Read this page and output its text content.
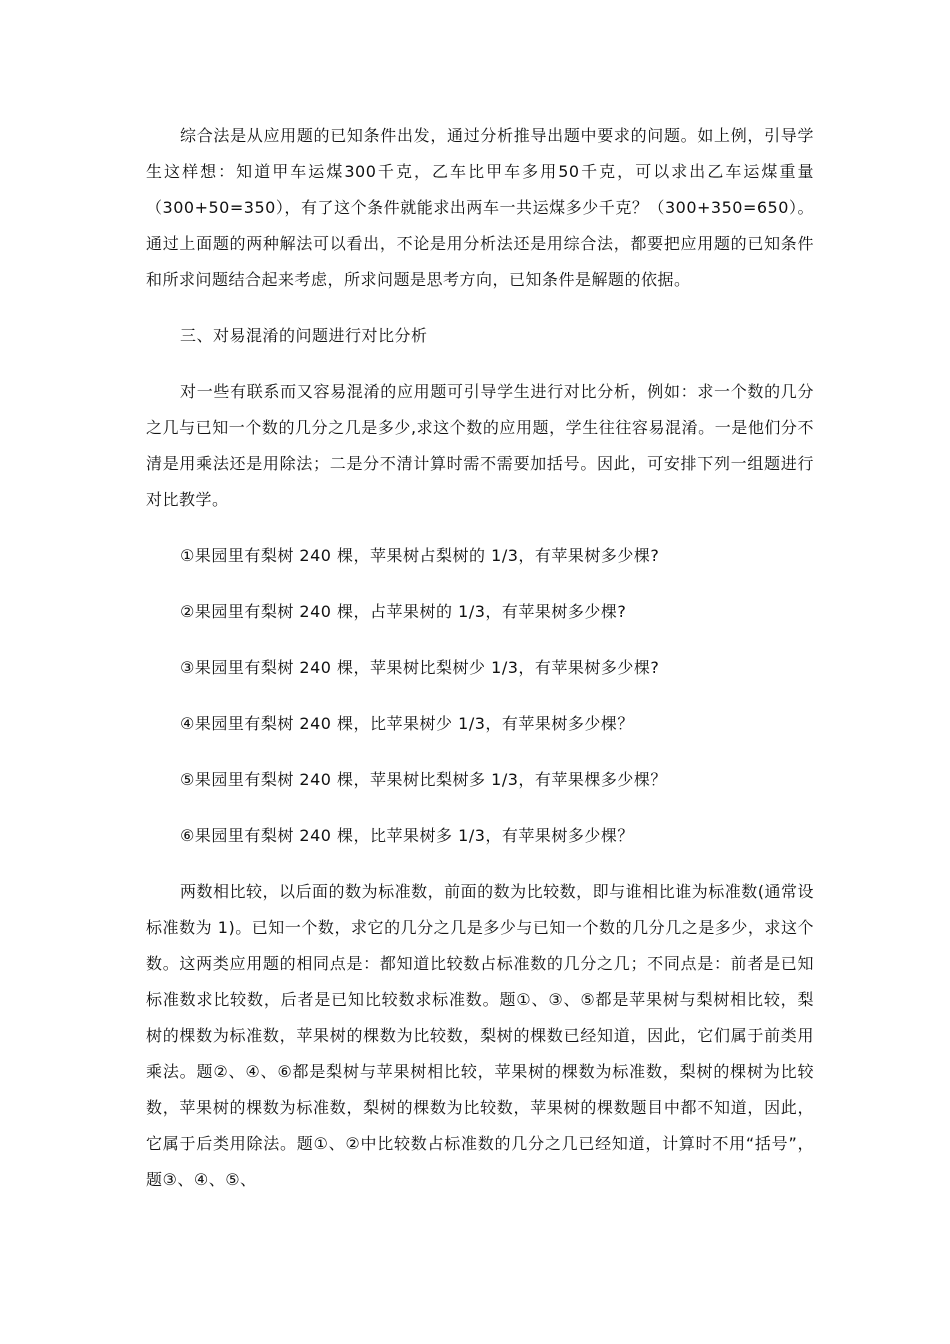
综合法是从应用题的已知条件出发，通过分析推导出题中要求的问题。如上例，引导学生这样想：知道甲车运煤300千克，乙车比甲车多用50千克，可以求出乙车运煤重量（300+50=350），有了这个条件就能求出两车一共运煤多少千克？（300+350=650）。通过上面题的两种解法可以看出，不论是用分析法还是用综合法，都要把应用题的已知条件和所求问题结合起来考虑，所求问题是思考方向，已知条件是解题的依据。

三、对易混淆的问题进行对比分析

对一些有联系而又容易混淆的应用题可引导学生进行对比分析，例如：求一个数的几分之几与已知一个数的几分之几是多少,求这个数的应用题，学生往往容易混淆。一是他们分不清是用乘法还是用除法；二是分不清计算时需不需要加括号。因此，可安排下列一组题进行对比教学。

①果园里有梨树 240 棵，苹果树占梨树的 1/3，有苹果树多少棵?

②果园里有梨树 240 棵，占苹果树的 1/3，有苹果树多少棵?

③果园里有梨树 240 棵，苹果树比梨树少 1/3，有苹果树多少棵?

④果园里有梨树 240 棵，比苹果树少 1/3，有苹果树多少棵？

⑤果园里有梨树 240 棵，苹果树比梨树多 1/3，有苹果棵多少棵？

⑥果园里有梨树 240 棵，比苹果树多 1/3，有苹果树多少棵？

两数相比较，以后面的数为标准数，前面的数为比较数，即与谁相比谁为标准数(通常设标准数为 1)。已知一个数，求它的几分之几是多少与已知一个数的几分几之是多少，求这个数。这两类应用题的相同点是：都知道比较数占标准数的几分之几；不同点是：前者是已知标准数求比较数，后者是已知比较数求标准数。题①、③、⑤都是苹果树与梨树相比较，梨树的棵数为标准数，苹果树的棵数为比较数，梨树的棵数已经知道，因此，它们属于前类用乘法。题②、④、⑥都是梨树与苹果树相比较，苹果树的棵数为标准数，梨树的棵树为比较数，苹果树的棵数为标准数，梨树的棵数为比较数，苹果树的棵数题目中都不知道，因此，它属于后类用除法。题①、②中比较数占标准数的几分之几已经知道，计算时不用“括号”，题③、④、⑤、
